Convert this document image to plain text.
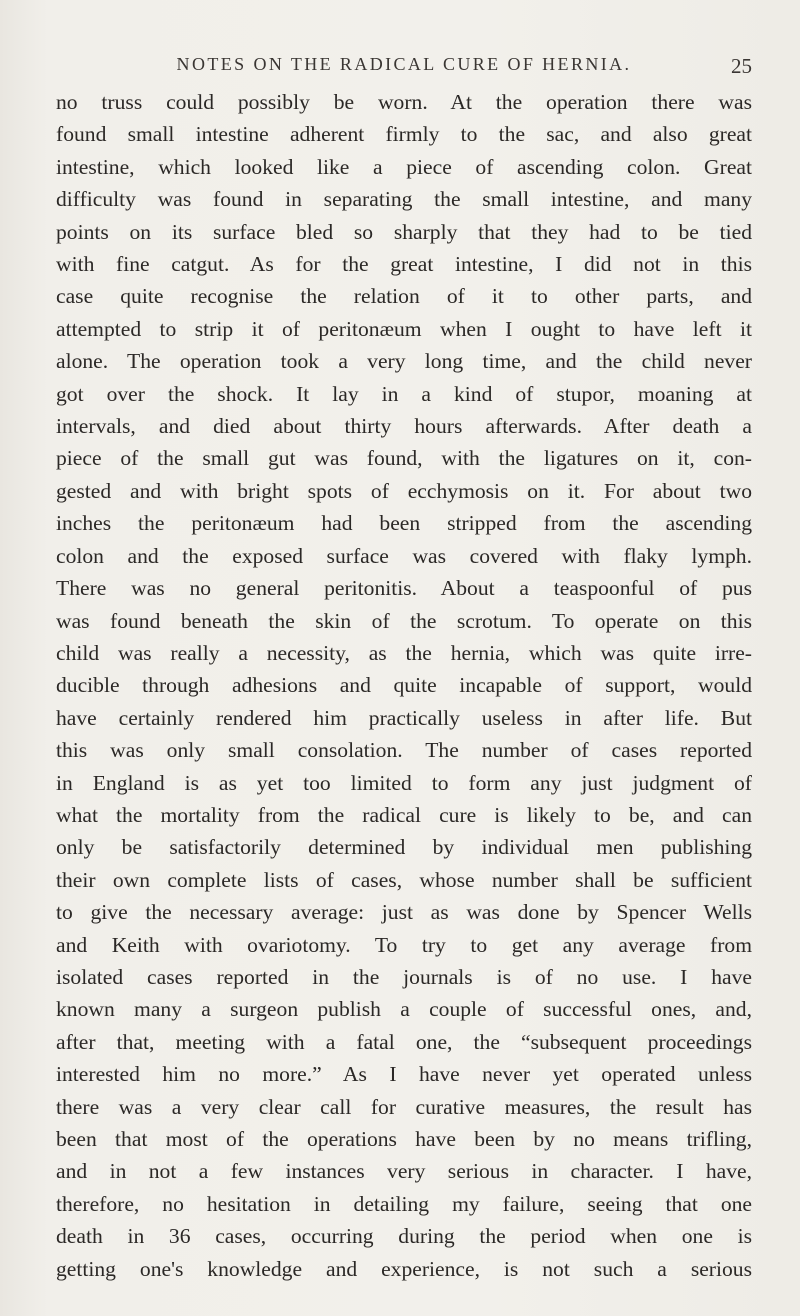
NOTES ON THE RADICAL CURE OF HERNIA.	25
no truss could possibly be worn. At the operation there was
found small intestine adherent firmly to the sac, and also great
intestine, which looked like a piece of ascending colon. Great
difficulty was found in separating the small intestine, and many
points on its surface bled so sharply that they had to be tied
with fine catgut. As for the great intestine, I did not in this
case quite recognise the relation of it to other parts, and
attempted to strip it of peritonæum when I ought to have left it
alone. The operation took a very long time, and the child never
got over the shock. It lay in a kind of stupor, moaning at
intervals, and died about thirty hours afterwards. After death a
piece of the small gut was found, with the ligatures on it, con-
gested and with bright spots of ecchymosis on it. For about two
inches the peritonæum had been stripped from the ascending
colon and the exposed surface was covered with flaky lymph.
There was no general peritonitis. About a teaspoonful of pus
was found beneath the skin of the scrotum. To operate on this
child was really a necessity, as the hernia, which was quite irre-
ducible through adhesions and quite incapable of support, would
have certainly rendered him practically useless in after life. But
this was only small consolation. The number of cases reported
in England is as yet too limited to form any just judgment of
what the mortality from the radical cure is likely to be, and can
only be satisfactorily determined by individual men publishing
their own complete lists of cases, whose number shall be sufficient
to give the necessary average: just as was done by Spencer Wells
and Keith with ovariotomy. To try to get any average from
isolated cases reported in the journals is of no use. I have
known many a surgeon publish a couple of successful ones, and,
after that, meeting with a fatal one, the “subsequent proceedings
interested him no more.” As I have never yet operated unless
there was a very clear call for curative measures, the result has
been that most of the operations have been by no means trifling,
and in not a few instances very serious in character. I have,
therefore, no hesitation in detailing my failure, seeing that one
death in 36 cases, occurring during the period when one is
getting one's knowledge and experience, is not such a serious
